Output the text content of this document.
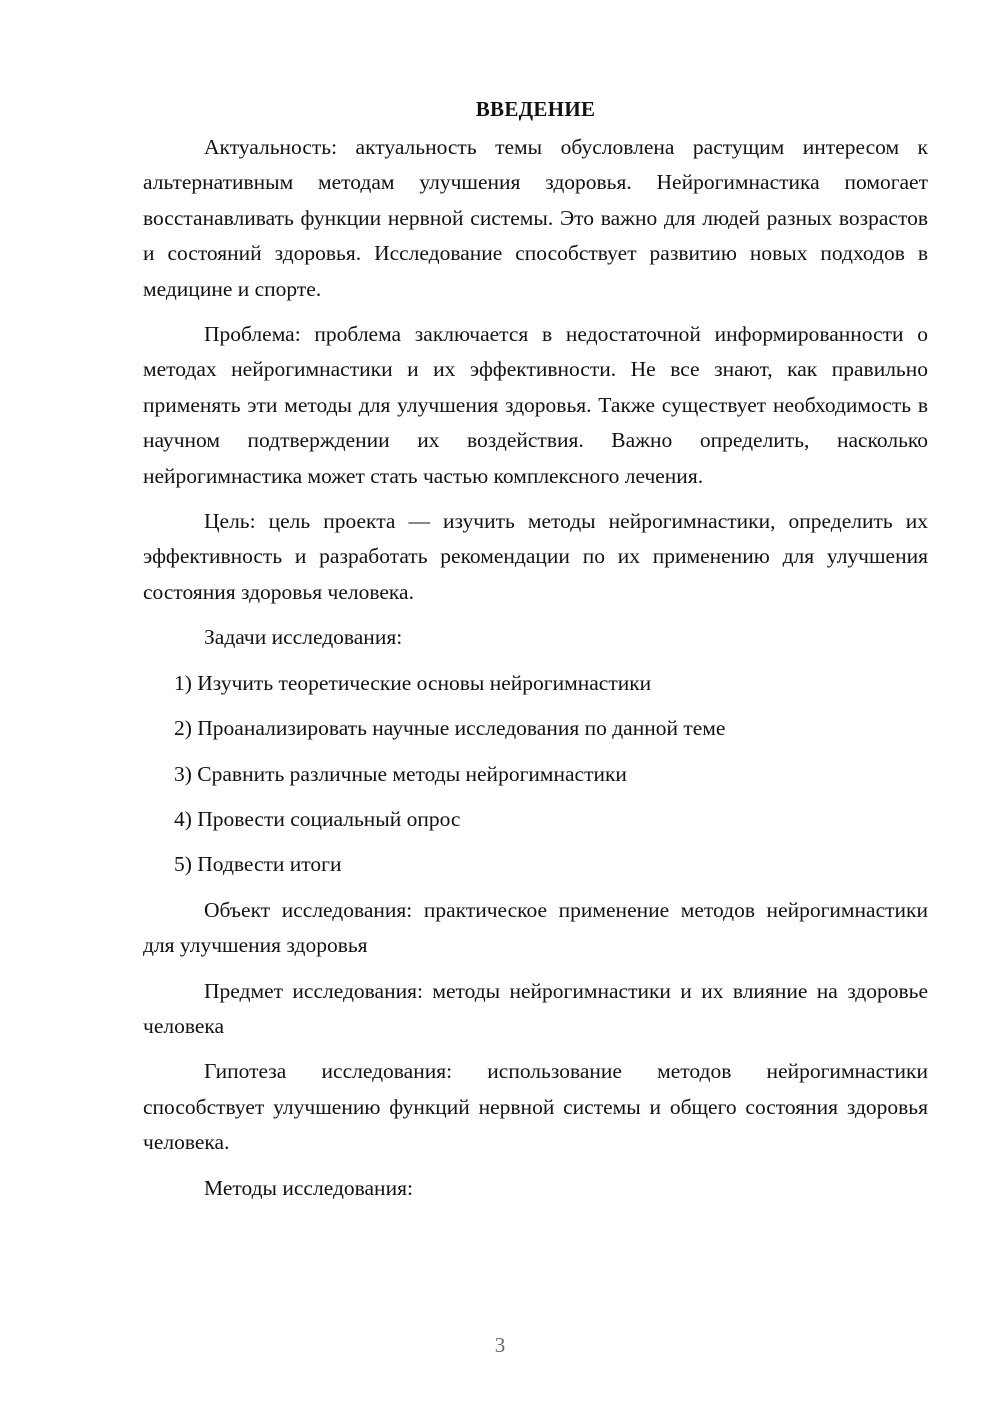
ВВЕДЕНИЕ

Актуальность: актуальность темы обусловлена растущим интересом к альтернативным методам улучшения здоровья. Нейрогимнастика помогает восстанавливать функции нервной системы. Это важно для людей разных возрастов и состояний здоровья. Исследование способствует развитию новых подходов в медицине и спорте.

Проблема: проблема заключается в недостаточной информированности о методах нейрогимнастики и их эффективности. Не все знают, как правильно применять эти методы для улучшения здоровья. Также существует необходимость в научном подтверждении их воздействия. Важно определить, насколько нейрогимнастика может стать частью комплексного лечения.

Цель: цель проекта — изучить методы нейрогимнастики, определить их эффективность и разработать рекомендации по их применению для улучшения состояния здоровья человека.

Задачи исследования:

1) Изучить теоретические основы нейрогимнастики
2) Проанализировать научные исследования по данной теме
3) Сравнить различные методы нейрогимнастики
4) Провести социальный опрос
5) Подвести итоги

Объект исследования: практическое применение методов нейрогимнастики для улучшения здоровья

Предмет исследования: методы нейрогимнастики и их влияние на здоровье человека

Гипотеза исследования: использование методов нейрогимнастики способствует улучшению функций нервной системы и общего состояния здоровья человека.

Методы исследования:

3
